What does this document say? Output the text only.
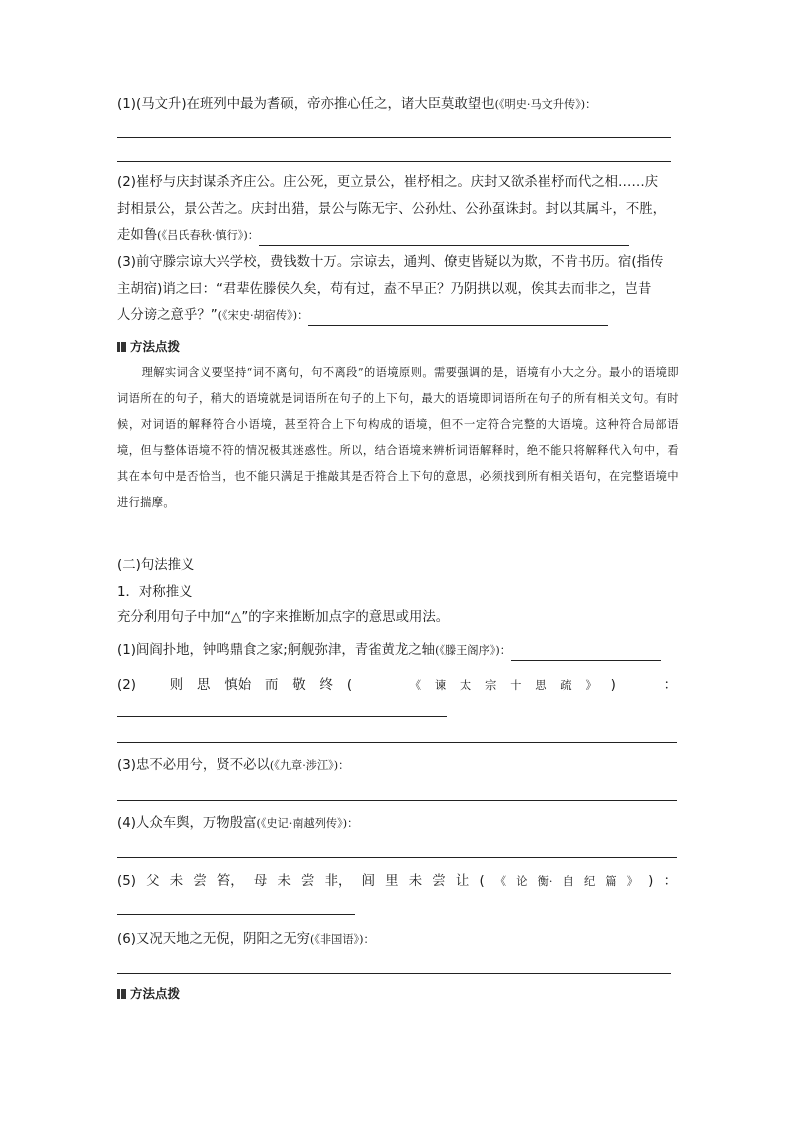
(1)(马文升)在班列中最为耆硕，帝亦推心任之，诸大臣莫敢望也(《明史·马文升传》)：
(2)崔杼与庆封谋杀齐庄公。庄公死，更立景公，崔杼相之。庆封又欲杀崔杼而代之相……庆
封相景公，景公苦之。庆封出猎，景公与陈无宇、公孙灶、公孙虿诛封。封以其属斗，不胜，
走如鲁(《吕氏春秋·慎行》)：
(3)前守滕宗谅大兴学校，费钱数十万。宗谅去，通判、僚吏皆疑以为欺，不肯书历。宿(指传
主胡宿)诮之曰：“君辈佐滕侯久矣，苟有过，盍不早正？乃阴拱以观，俟其去而非之，岂昔
人分谤之意乎？”(《宋史·胡宿传》)：
方法点拨

理解实词含义要坚持“词不离句，句不离段”的语境原则。需要强调的是，语境有小大之分。最小的语境即词语所在的句子，稍大的语境就是词语所在句子的上下句，最大的语境即词语所在句子的所有相关文句。有时候，对词语的解释符合小语境，甚至符合上下句构成的语境，但不一定符合完整的大语境。这种符合局部语境，但与整体语境不符的情况极其迷惑性。所以，结合语境来辨析词语解释时，绝不能只将解释代入句中，看其在本句中是否恰当，也不能只满足于推敲其是否符合上下句的意思，必须找到所有相关语句，在完整语境中进行揣摩。

(二)句法推义
1．对称推义
充分利用句子中加“△”的字来推断加点字的意思或用法。
(1)闾阎扑地，钟鸣鼎食之家;舸舰弥津，青雀黄龙之轴(《滕王阁序》)：
(2)	则 思 慎始 而 敬 终 (	《 谏 太 宗 十 思 疏 》 )	：
(3)忠不必用兮，贤不必以(《九章·涉江》)：
(4)人众车舆，万物殷富(《史记·南越列传》)：
(5) 父 未 尝 笞， 母 未 尝 非， 闾 里 未 尝 让 ( 《 论 衡· 自 纪 篇 》 ) ：
(6)又况天地之无倪，阴阳之无穷(《非国语》)：
方法点拨
